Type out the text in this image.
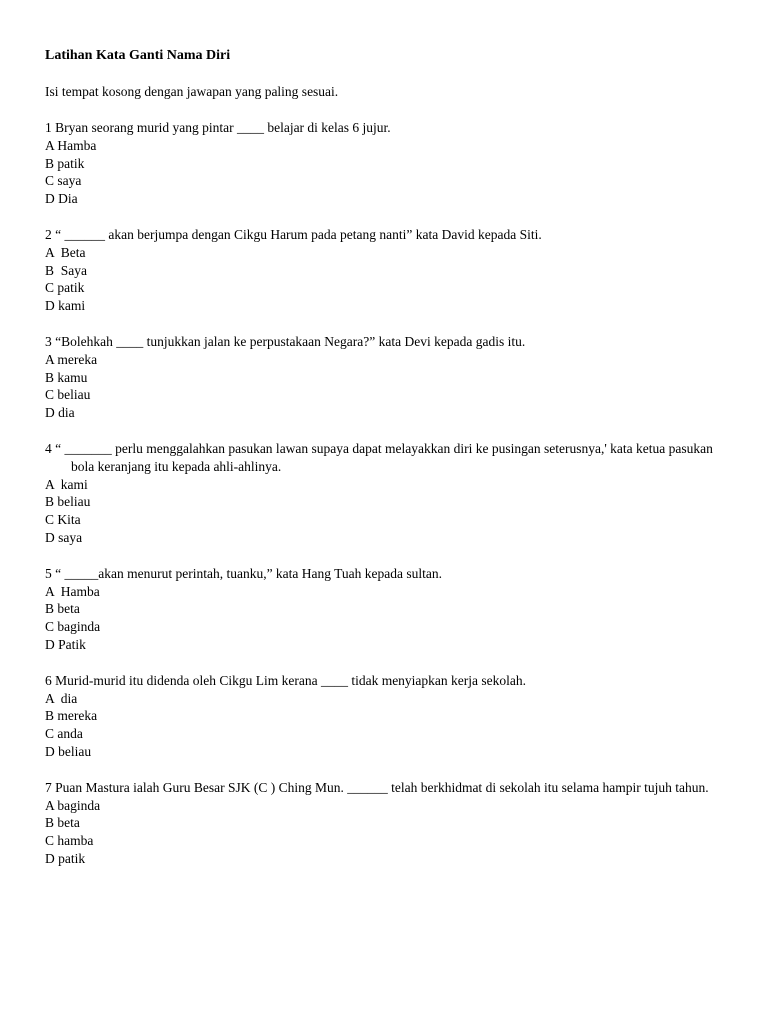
Latihan Kata Ganti Nama Diri
Isi tempat kosong dengan jawapan yang paling sesuai.
1 Bryan seorang murid yang pintar ____ belajar di kelas 6 jujur.
A Hamba
B patik
C saya
D Dia
2 “ ______ akan berjumpa dengan Cikgu Harum pada petang nanti” kata David kepada Siti.
A  Beta
B  Saya
C patik
D kami
3 “Bolehkah ____ tunjukkan jalan ke perpustakaan Negara?” kata Devi kepada gadis itu.
A mereka
B kamu
C beliau
D dia
4 “ _______ perlu menggalahkan pasukan lawan supaya dapat melayakkan diri ke pusingan seterusnya,' kata ketua pasukan bola keranjang itu kepada ahli-ahlinya.
A  kami
B beliau
C Kita
D saya
5 “ _____akan menurut perintah, tuanku,” kata Hang Tuah kepada sultan.
A  Hamba
B beta
C baginda
D Patik
6 Murid-murid itu didenda oleh Cikgu Lim kerana ____ tidak menyiapkan kerja sekolah.
A  dia
B mereka
C anda
D beliau
7 Puan Mastura ialah Guru Besar SJK (C ) Ching Mun. ______ telah berkhidmat di sekolah itu selama hampir tujuh tahun.
A baginda
B beta
C hamba
D patik
